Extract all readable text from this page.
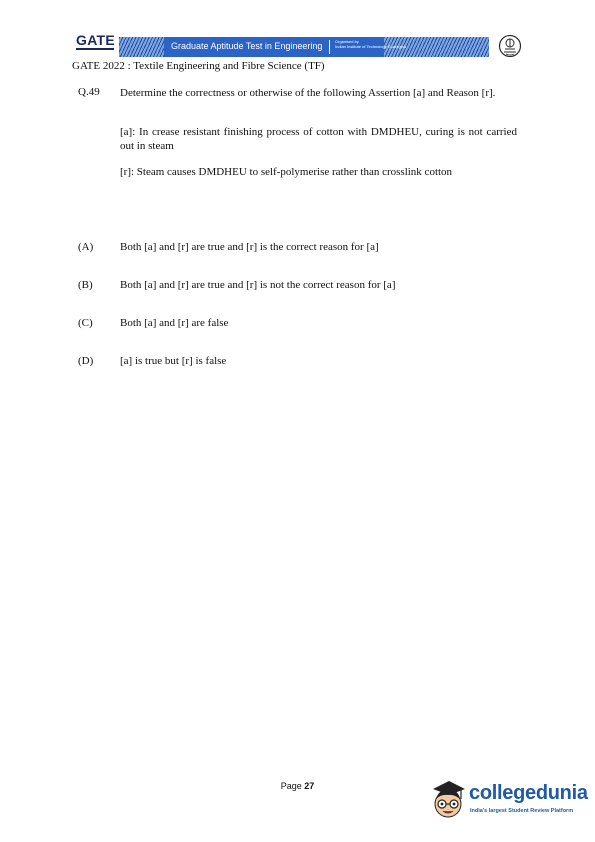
GATE	Graduate Aptitude Test in Engineering	Organised by
Indian Institute of Technology Kharagpur
GATE 2022 : Textile Engineering and Fibre Science (TF)
Q.49 Determine the correctness or otherwise of the following Assertion [a] and Reason [r].
[a]: In crease resistant finishing process of cotton with DMDHEU, curing is not carried out in steam
[r]: Steam causes DMDHEU to self-polymerise rather than crosslink cotton
(A) Both [a] and [r] are true and [r] is the correct reason for [a]
(B) Both [a] and [r] are true and [r] is not the correct reason for [a]
(C) Both [a] and [r] are false
(D) [a] is true but [r] is false
Page 27	collegedunia
India's largest Student Review Platform
